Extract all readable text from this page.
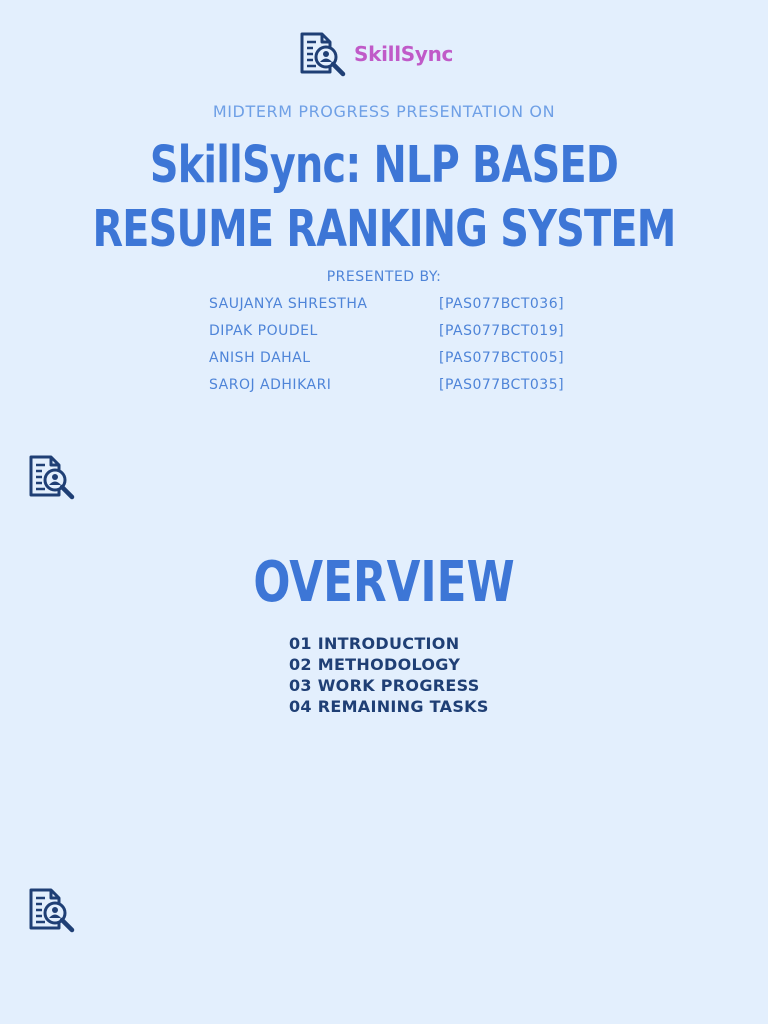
SkillSync
MIDTERM PROGRESS PRESENTATION ON
SkillSync: NLP BASED
RESUME RANKING SYSTEM
PRESENTED BY:
SAUJANYA SHRESTHA	[PAS077BCT036]
DIPAK POUDEL	[PAS077BCT019]
ANISH DAHAL	[PAS077BCT005]
SAROJ ADHIKARI	[PAS077BCT035]
OVERVIEW
01 INTRODUCTION
02 METHODOLOGY
03 WORK PROGRESS
04 REMAINING TASKS
